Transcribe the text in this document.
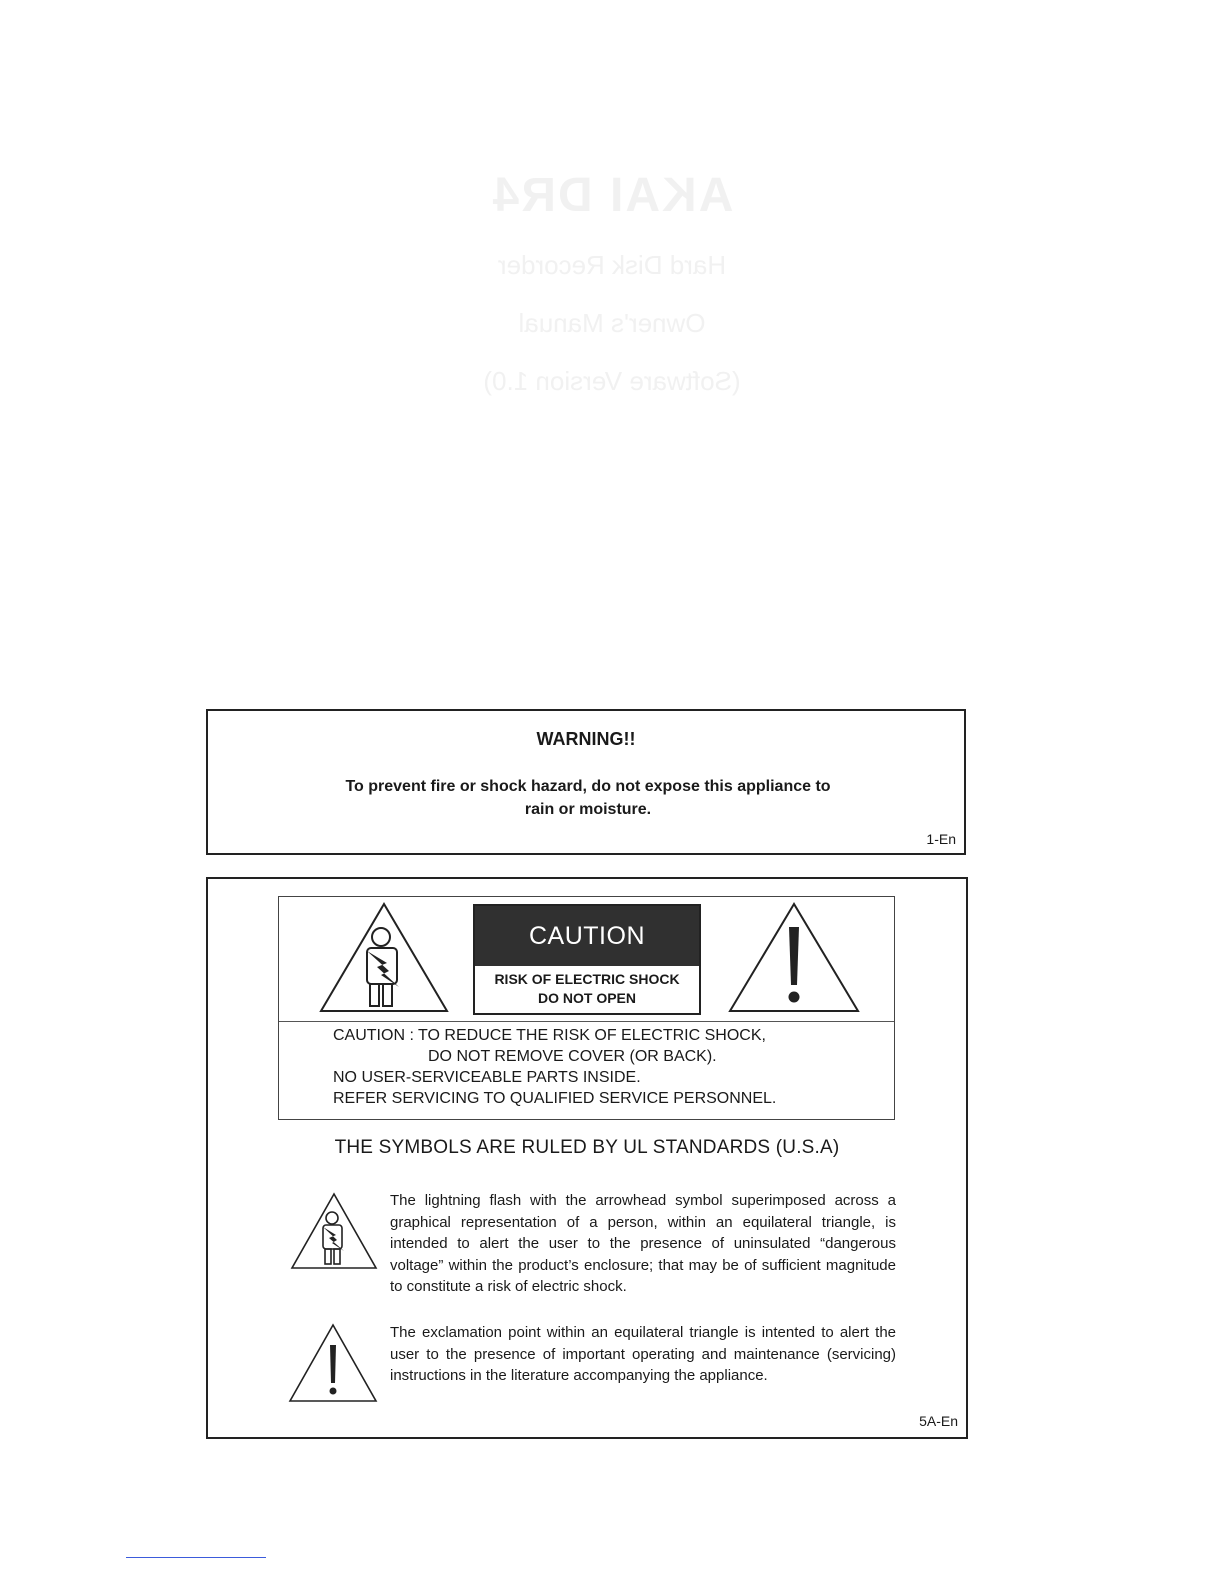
AKAI DR4
Hard Disk Recorder
Owner's Manual
(Software Version 1.0)
WARNING!!
To prevent fire or shock hazard, do not expose this appliance to
rain or moisture.
1-En
CAUTION
RISK OF ELECTRIC SHOCK
DO NOT OPEN
CAUTION : TO REDUCE THE RISK OF ELECTRIC SHOCK,
DO NOT REMOVE COVER (OR BACK).
NO USER-SERVICEABLE PARTS INSIDE.
REFER SERVICING TO QUALIFIED SERVICE PERSONNEL.
THE SYMBOLS ARE RULED BY UL STANDARDS (U.S.A)
The lightning flash with the arrowhead symbol superimposed across a graphical representation of a person, within an equilateral triangle, is intended to alert the user to the presence of uninsulated “dangerous voltage” within the product’s enclosure; that may be of sufficient magnitude to constitute a risk of electric shock.
The exclamation point within an equilateral triangle is intented to alert the user to the presence of important operating and maintenance (servicing) instructions in the literature accompanying the appliance.
5A-En
